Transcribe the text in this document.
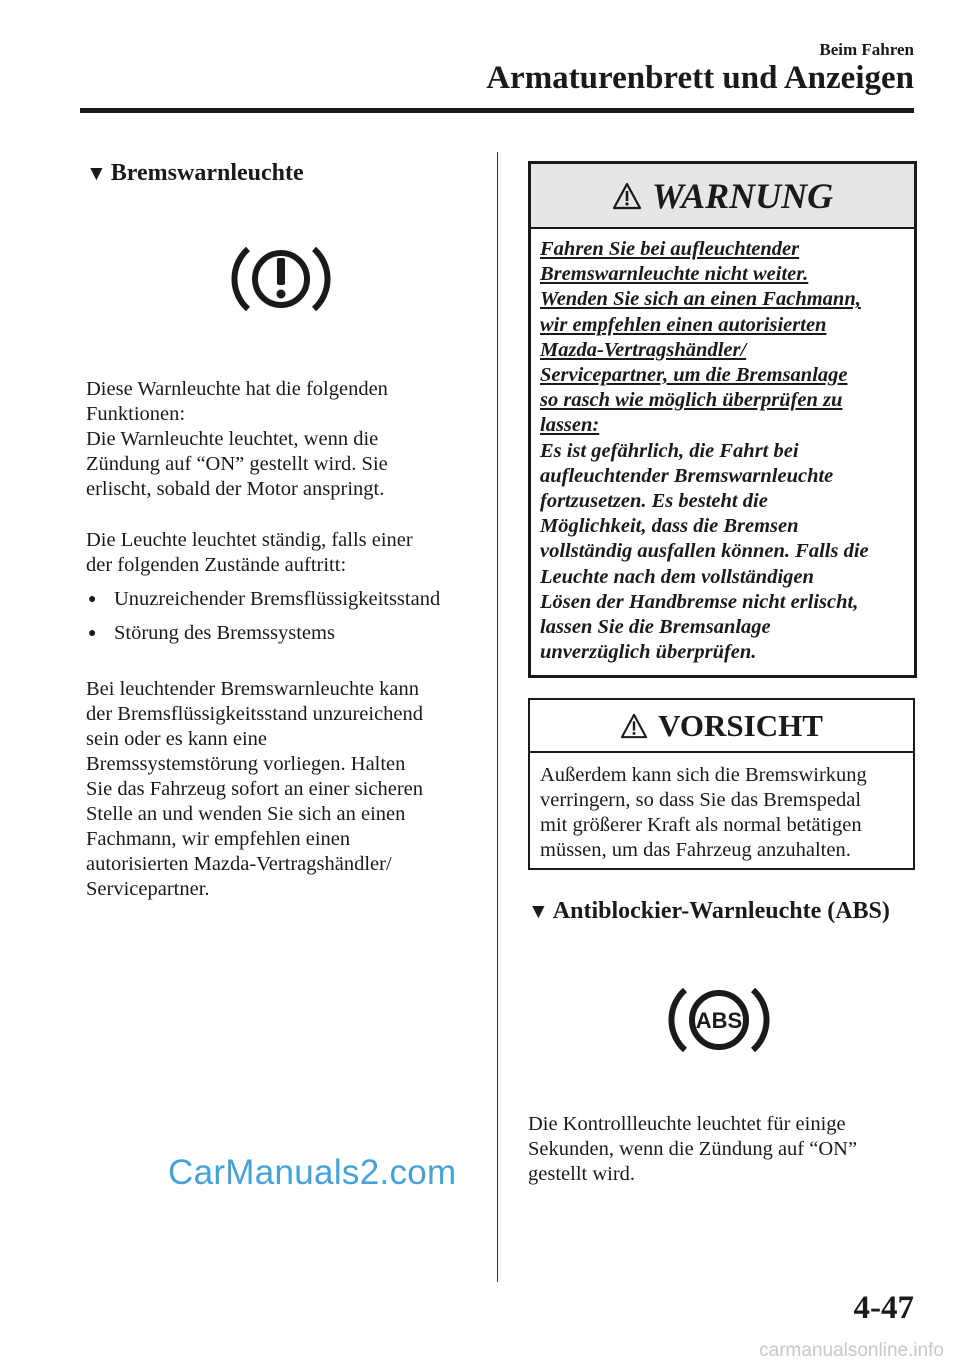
Beim Fahren
Armaturenbrett und Anzeigen
▼ Bremswarnleuchte

Diese Warnleuchte hat die folgenden

Funktionen:

Die Warnleuchte leuchtet, wenn die

Zündung auf “ON” gestellt wird. Sie

erlischt, sobald der Motor anspringt.

Die Leuchte leuchtet ständig, falls einer

der folgenden Zustände auftritt:

● Unuzreichender Bremsflüssigkeitsstand
● Störung des Bremssystems

Bei leuchtender Bremswarnleuchte kann

der Bremsflüssigkeitsstand unzureichend

sein oder es kann eine

Bremssystemstörung vorliegen. Halten

Sie das Fahrzeug sofort an einer sicheren

Stelle an und wenden Sie sich an einen

Fachmann, wir empfehlen einen

autorisierten Mazda-Vertragshändler/

Servicepartner.

WARNUNG
Fahren Sie bei aufleuchtender
Bremswarnleuchte nicht weiter.
Wenden Sie sich an einen Fachmann,
wir empfehlen einen autorisierten
Mazda-Vertragshändler/
Servicepartner, um die Bremsanlage
so rasch wie möglich überprüfen zu
lassen:
Es ist gefährlich, die Fahrt bei
aufleuchtender Bremswarnleuchte
fortzusetzen. Es besteht die
Möglichkeit, dass die Bremsen
vollständig ausfallen können. Falls die
Leuchte nach dem vollständigen
Lösen der Handbremse nicht erlischt,
lassen Sie die Bremsanlage
unverzüglich überprüfen.
VORSICHT
Außerdem kann sich die Bremswirkung
verringern, so dass Sie das Bremspedal
mit größerer Kraft als normal betätigen
müssen, um das Fahrzeug anzuhalten.
▼ Antiblockier-Warnleuchte (ABS)
ABS

Die Kontrollleuchte leuchtet für einige

Sekunden, wenn die Zündung auf “ON”

gestellt wird.

CarManuals2.com
4-47
carmanualsonline.info
